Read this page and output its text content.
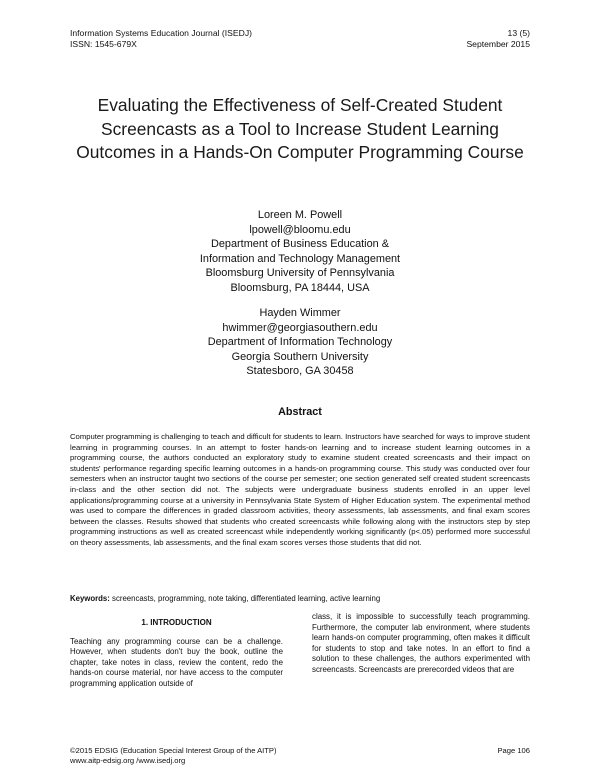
Information Systems Education Journal (ISEDJ)
ISSN: 1545-679X
13 (5)
September 2015
Evaluating the Effectiveness of Self-Created Student Screencasts as a Tool to Increase Student Learning Outcomes in a Hands-On Computer Programming Course
Loreen M. Powell
lpowell@bloomu.edu
Department of Business Education &
Information and Technology Management
Bloomsburg University of Pennsylvania
Bloomsburg, PA 18444, USA
Hayden Wimmer
hwimmer@georgiasouthern.edu
Department of Information Technology
Georgia Southern University
Statesboro, GA 30458
Abstract

Computer programming is challenging to teach and difficult for students to learn. Instructors have searched for ways to improve student learning in programming courses. In an attempt to foster hands-on learning and to increase student learning outcomes in a programming course, the authors conducted an exploratory study to examine student created screencasts and their impact on students' performance regarding specific learning outcomes in a hands-on programming course. This study was conducted over four semesters when an instructor taught two sections of the course per semester; one section generated self created student screencasts in-class and the other section did not. The subjects were undergraduate business students enrolled in an upper level applications/programming course at a university in Pennsylvania State System of Higher Education system. The experimental method was used to compare the differences in graded classroom activities, theory assessments, lab assessments, and final exam scores between the classes. Results showed that students who created screencasts while following along with the instructors step by step programming instructions as well as created screencast while independently working significantly (p<.05) performed more successful on theory assessments, lab assessments, and the final exam scores verses those students that did not.

Keywords: screencasts, programming, note taking, differentiated learning, active learning
1. INTRODUCTION

Teaching any programming course can be a challenge. However, when students don't buy the book, outline the chapter, take notes in class, review the content, redo the hands-on course material, nor have access to the computer programming application outside of

class, it is impossible to successfully teach programming. Furthermore, the computer lab environment, where students learn hands-on computer programming, often makes it difficult for students to stop and take notes. In an effort to find a solution to these challenges, the authors experimented with screencasts. Screencasts are prerecorded videos that are

©2015 EDSIG (Education Special Interest Group of the AITP)
www.aitp-edsig.org /www.isedj.org
Page 106
